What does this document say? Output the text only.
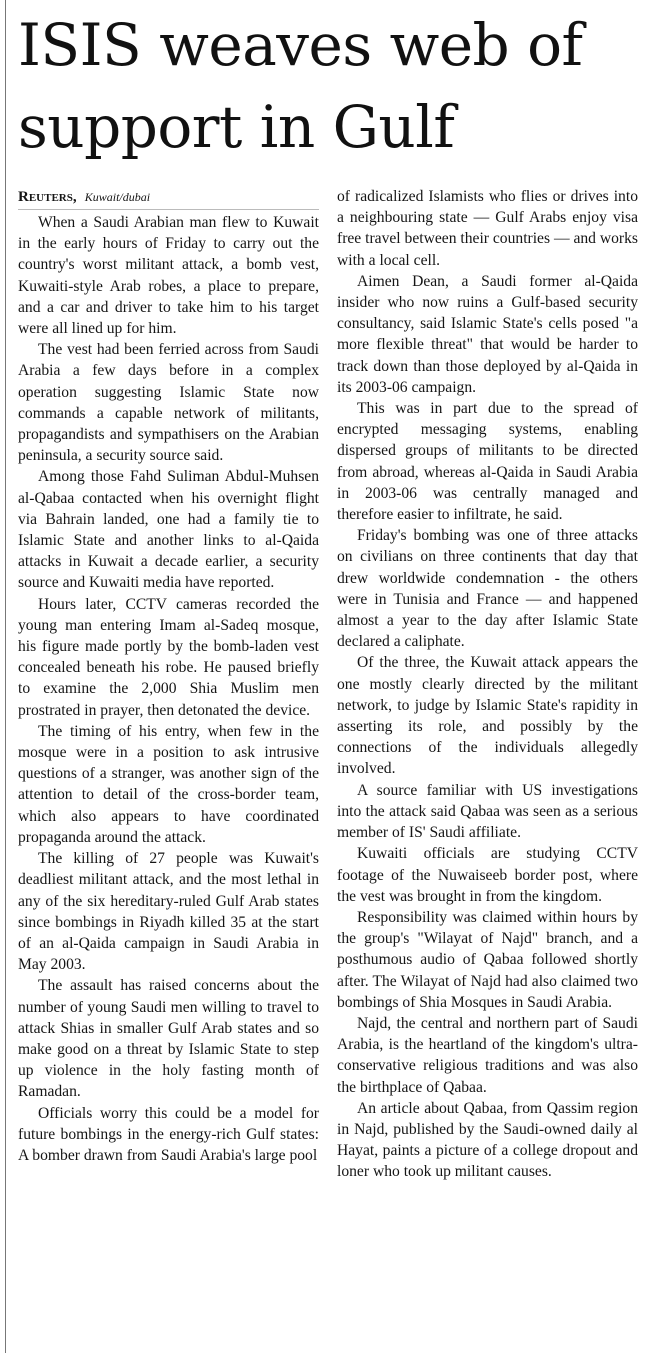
ISIS weaves web of
support in Gulf
Reuters, Kuwait/dubai

When a Saudi Arabian man flew to Kuwait in the early hours of Friday to carry out the country's worst militant attack, a bomb vest, Kuwaiti-style Arab robes, a place to prepare, and a car and driver to take him to his target were all lined up for him.

The vest had been ferried across from Saudi Arabia a few days before in a complex operation suggesting Islamic State now commands a capable network of militants, propagandists and sympathisers on the Arabian peninsula, a security source said.

Among those Fahd Suliman Abdul-Muhsen al-Qabaa contacted when his overnight flight via Bahrain landed, one had a family tie to Islamic State and another links to al-Qaida attacks in Kuwait a decade earlier, a security source and Kuwaiti media have reported.

Hours later, CCTV cameras recorded the young man entering Imam al-Sadeq mosque, his figure made portly by the bomb-laden vest concealed beneath his robe. He paused briefly to examine the 2,000 Shia Muslim men prostrated in prayer, then detonated the device.

The timing of his entry, when few in the mosque were in a position to ask intrusive questions of a stranger, was another sign of the attention to detail of the cross-border team, which also appears to have coordinated propaganda around the attack.

The killing of 27 people was Kuwait's deadliest militant attack, and the most lethal in any of the six hereditary-ruled Gulf Arab states since bombings in Riyadh killed 35 at the start of an al-Qaida campaign in Saudi Arabia in May 2003.

The assault has raised concerns about the number of young Saudi men willing to travel to attack Shias in smaller Gulf Arab states and so make good on a threat by Islamic State to step up violence in the holy fasting month of Ramadan.

Officials worry this could be a model for future bombings in the energy-rich Gulf states: A bomber drawn from Saudi Arabia's large pool

of radicalized Islamists who flies or drives into a neighbouring state — Gulf Arabs enjoy visa free travel between their countries — and works with a local cell.

Aimen Dean, a Saudi former al-Qaida insider who now ruins a Gulf-based security consultancy, said Islamic State's cells posed "a more flexible threat" that would be harder to track down than those deployed by al-Qaida in its 2003-06 campaign.

This was in part due to the spread of encrypted messaging systems, enabling dispersed groups of militants to be directed from abroad, whereas al-Qaida in Saudi Arabia in 2003-06 was centrally managed and therefore easier to infiltrate, he said.

Friday's bombing was one of three attacks on civilians on three continents that day that drew worldwide condemnation - the others were in Tunisia and France — and happened almost a year to the day after Islamic State declared a caliphate.

Of the three, the Kuwait attack appears the one mostly clearly directed by the militant network, to judge by Islamic State's rapidity in asserting its role, and possibly by the connections of the individuals allegedly involved.

A source familiar with US investigations into the attack said Qabaa was seen as a serious member of IS' Saudi affiliate.

Kuwaiti officials are studying CCTV footage of the Nuwaiseeb border post, where the vest was brought in from the kingdom.

Responsibility was claimed within hours by the group's "Wilayat of Najd" branch, and a posthumous audio of Qabaa followed shortly after. The Wilayat of Najd had also claimed two bombings of Shia Mosques in Saudi Arabia.

Najd, the central and northern part of Saudi Arabia, is the heartland of the kingdom's ultra-conservative religious traditions and was also the birthplace of Qabaa.

An article about Qabaa, from Qassim region in Najd, published by the Saudi-owned daily al Hayat, paints a picture of a college dropout and loner who took up militant causes.
